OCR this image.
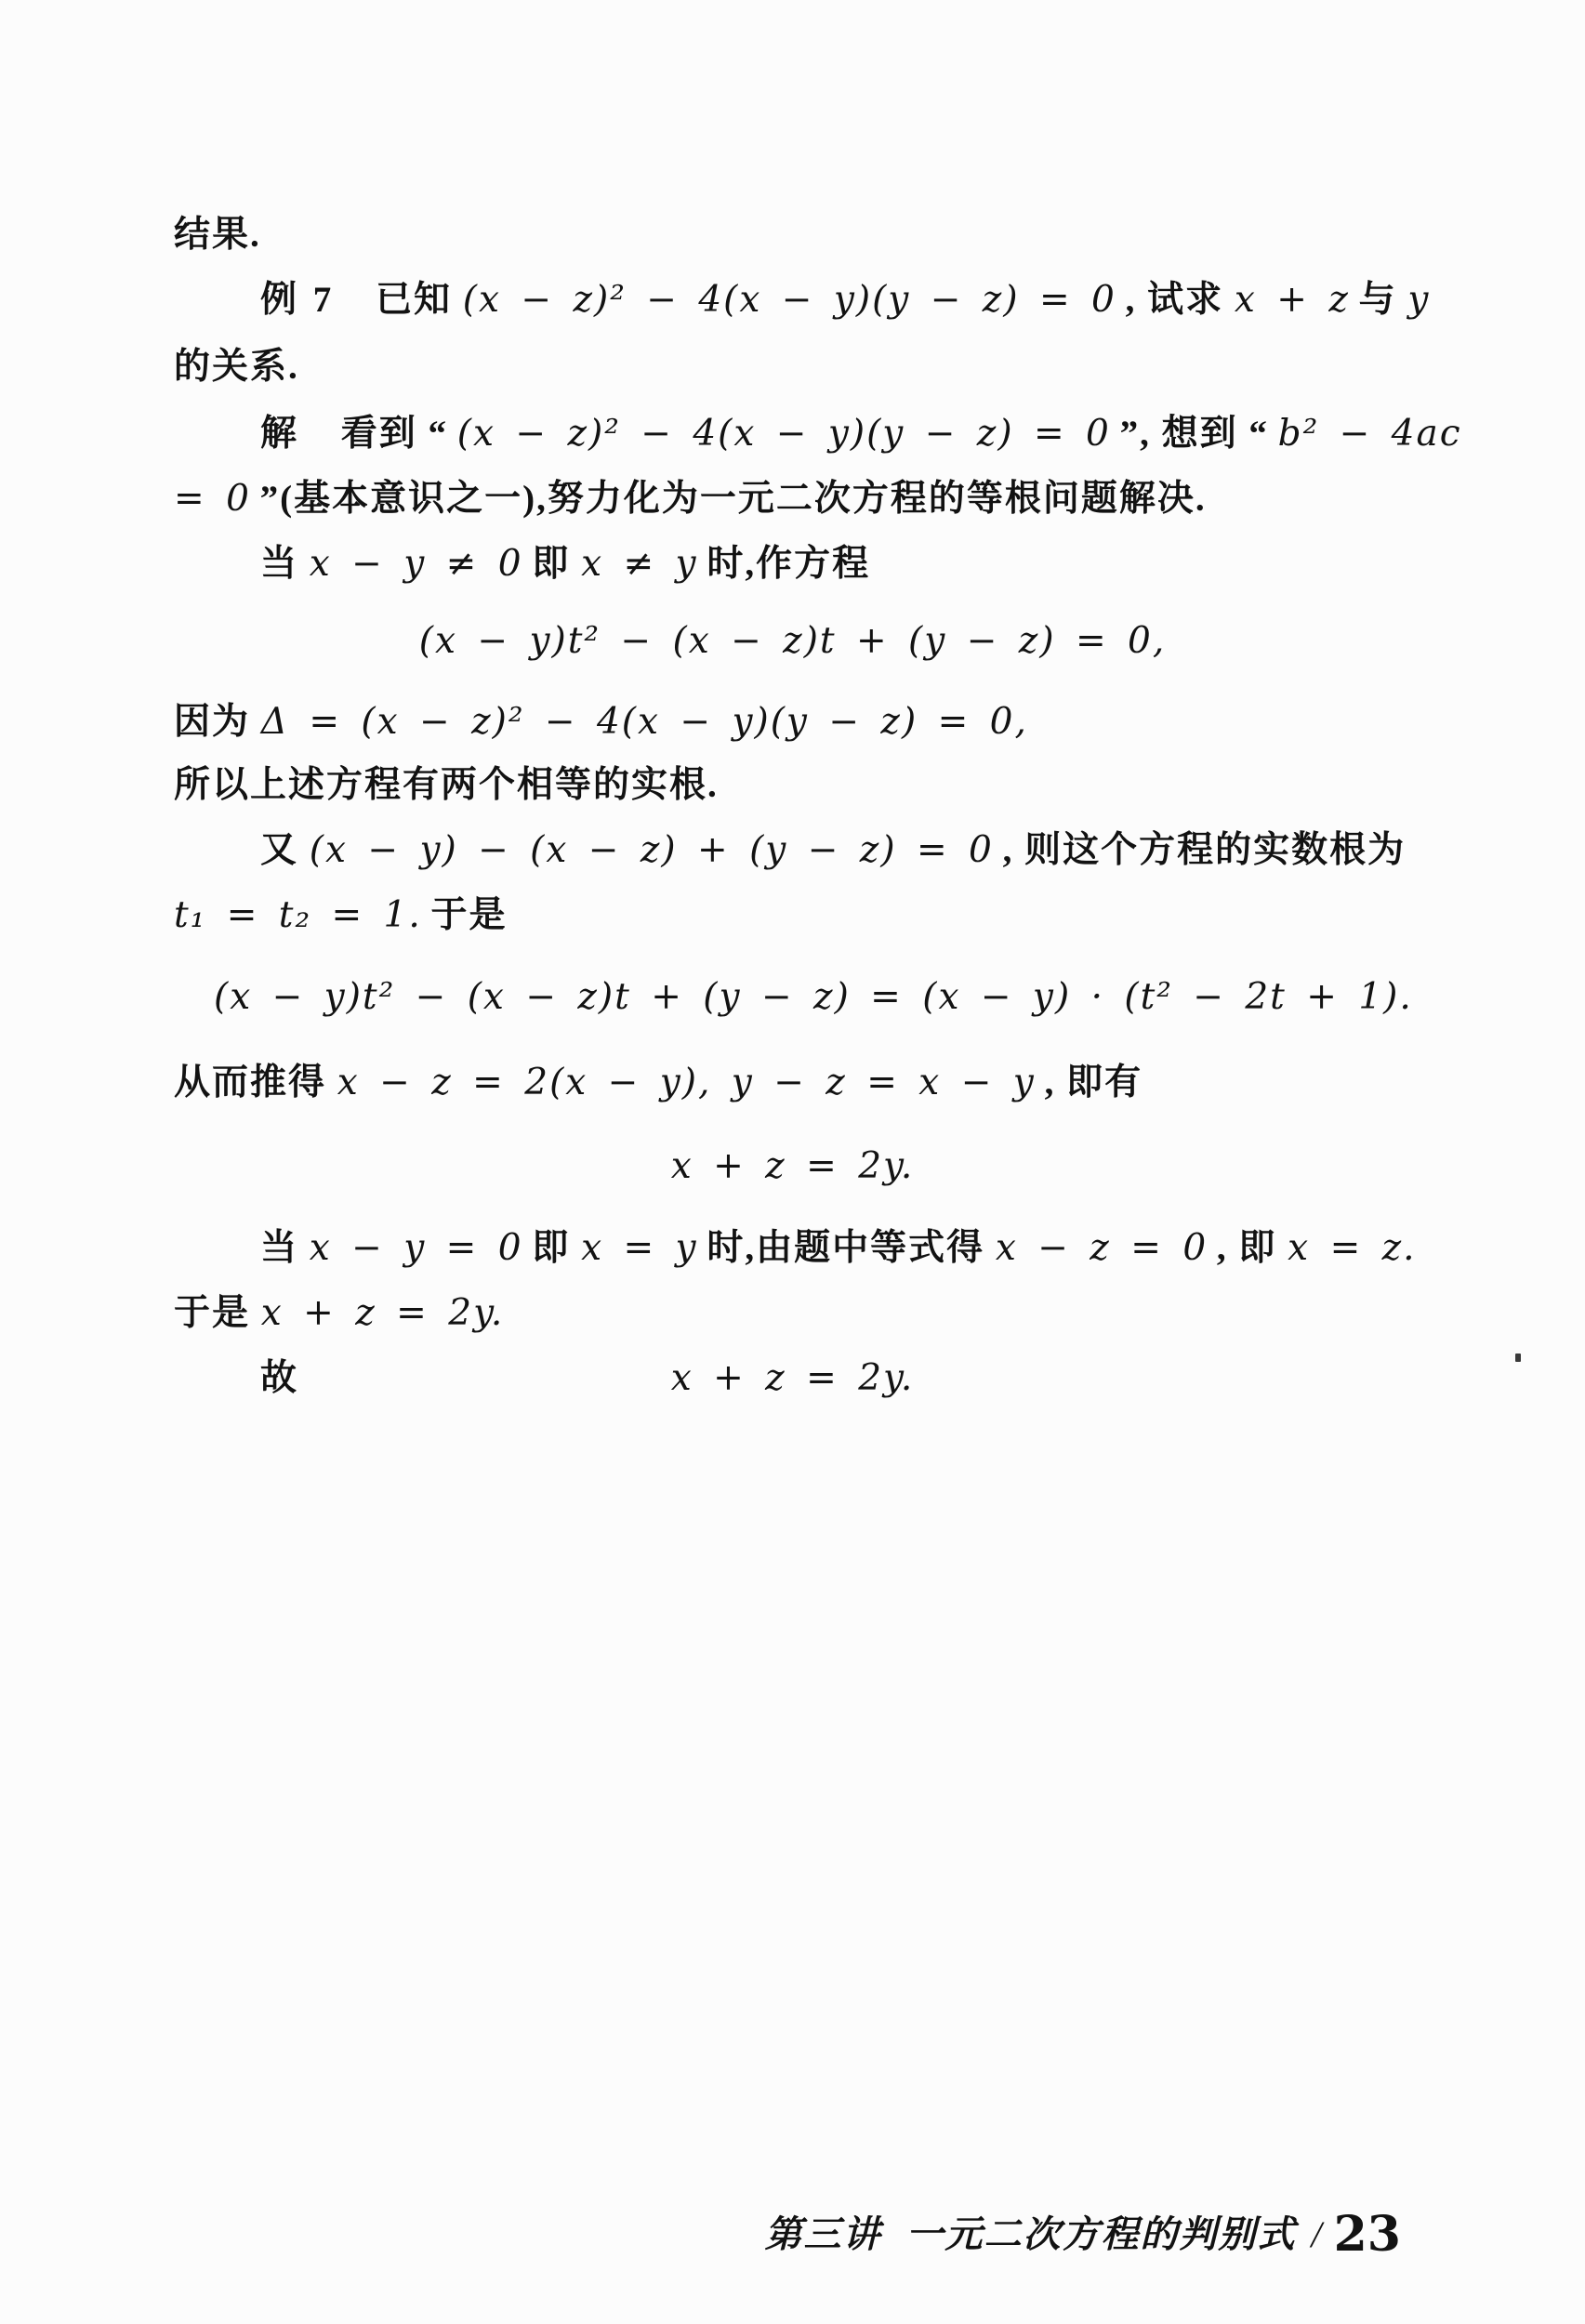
结果.
例 7 已知 (x − z)² − 4(x − y)(y − z) = 0 , 试求 x + z 与 y
的关系.
解 看到 “ (x − z)² − 4(x − y)(y − z) = 0 ”, 想到 “ b² − 4ac
= 0 ”(基本意识之一),努力化为一元二次方程的等根问题解决.
当 x − y ≠ 0 即 x ≠ y 时,作方程
(x − y)t² − (x − z)t + (y − z) = 0,
因为 Δ = (x − z)² − 4(x − y)(y − z) = 0,
所以上述方程有两个相等的实根.
又 (x − y) − (x − z) + (y − z) = 0 , 则这个方程的实数根为
t₁ = t₂ = 1. 于是
(x − y)t² − (x − z)t + (y − z) = (x − y) · (t² − 2t + 1).
从而推得 x − z = 2(x − y), y − z = x − y , 即有
x + z = 2y.
当 x − y = 0 即 x = y 时,由题中等式得 x − z = 0 , 即 x = z.
于是 x + z = 2y.
故	x + z = 2y.
第三讲 一元二次方程的判别式 / 23
